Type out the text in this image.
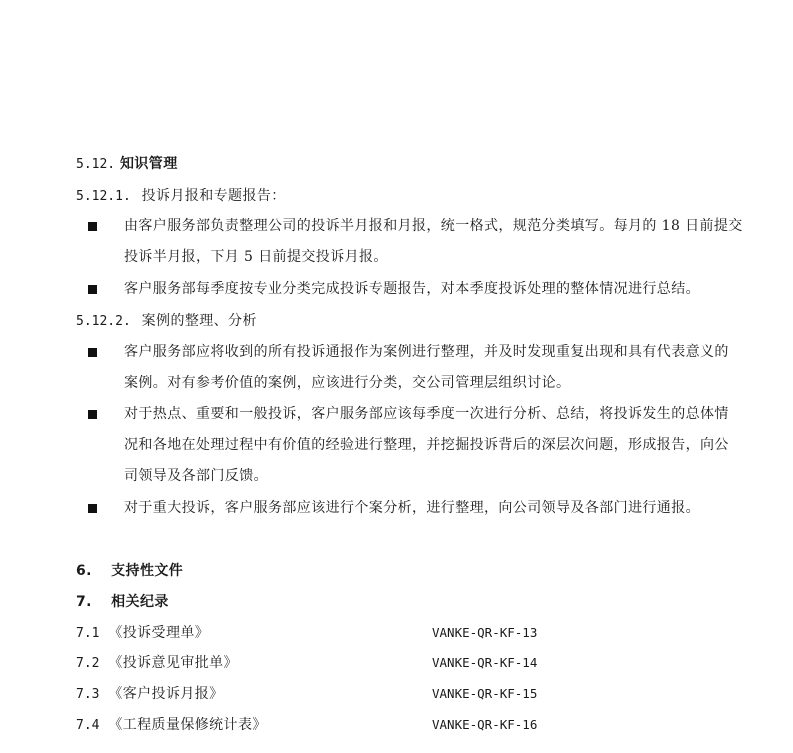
5.12. 知识管理
5.12.1. 投诉月报和专题报告：
由客户服务部负责整理公司的投诉半月报和月报，统一格式，规范分类填写。每月的 18 日前提交
投诉半月报，下月 5 日前提交投诉月报。
客户服务部每季度按专业分类完成投诉专题报告，对本季度投诉处理的整体情况进行总结。
5.12.2. 案例的整理、分析
客户服务部应将收到的所有投诉通报作为案例进行整理，并及时发现重复出现和具有代表意义的
案例。对有参考价值的案例，应该进行分类，交公司管理层组织讨论。
对于热点、重要和一般投诉，客户服务部应该每季度一次进行分析、总结，将投诉发生的总体情
况和各地在处理过程中有价值的经验进行整理，并挖掘投诉背后的深层次问题，形成报告，向公
司领导及各部门反馈。
对于重大投诉，客户服务部应该进行个案分析，进行整理，向公司领导及各部门进行通报。
6. 支持性文件
7. 相关纪录
7.1 《投诉受理单》	VANKE-QR-KF-13
7.2 《投诉意见审批单》	VANKE-QR-KF-14
7.3 《客户投诉月报》	VANKE-QR-KF-15
7.4 《工程质量保修统计表》	VANKE-QR-KF-16
